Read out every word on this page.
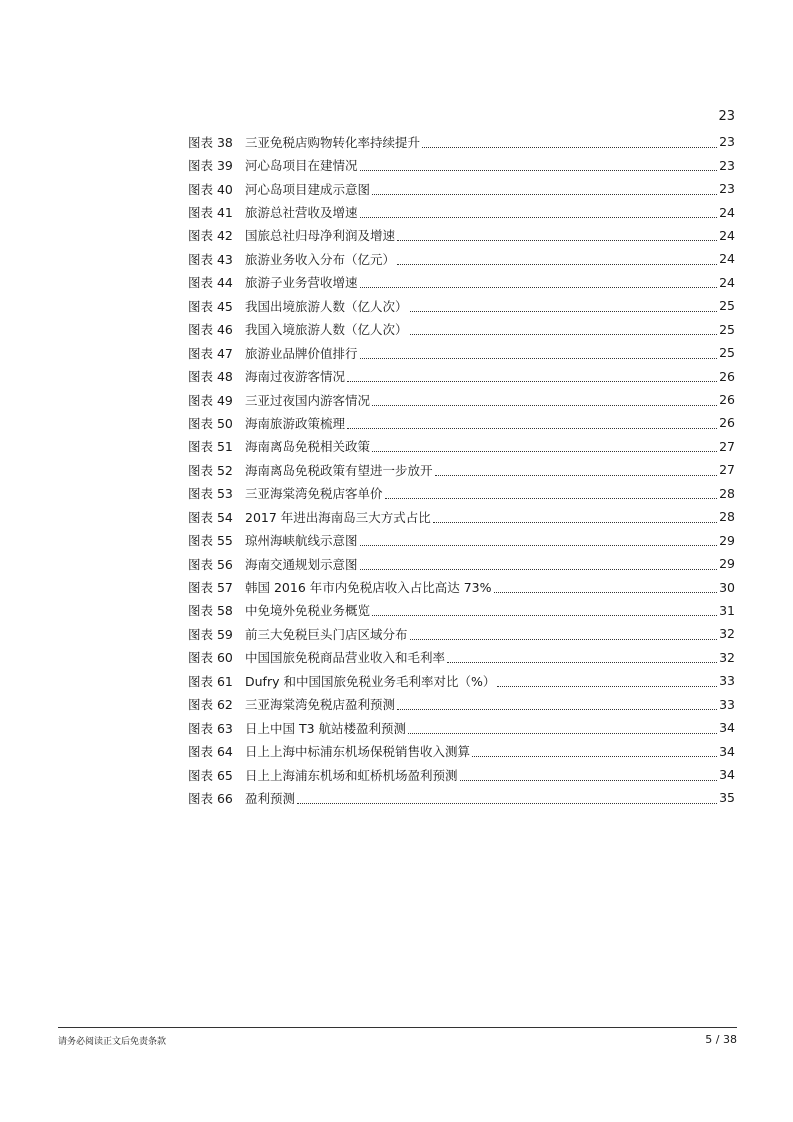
23
图表 38 三亚免税店购物转化率持续提升	23
图表 39 河心岛项目在建情况	23
图表 40 河心岛项目建成示意图	23
图表 41 旅游总社营收及增速	24
图表 42 国旅总社归母净利润及增速	24
图表 43 旅游业务收入分布（亿元）	24
图表 44 旅游子业务营收增速	24
图表 45 我国出境旅游人数（亿人次）	25
图表 46 我国入境旅游人数（亿人次）	25
图表 47 旅游业品牌价值排行	25
图表 48 海南过夜游客情况	26
图表 49 三亚过夜国内游客情况	26
图表 50 海南旅游政策梳理	26
图表 51 海南离岛免税相关政策	27
图表 52 海南离岛免税政策有望进一步放开	27
图表 53 三亚海棠湾免税店客单价	28
图表 54 2017 年进出海南岛三大方式占比	28
图表 55 琼州海峡航线示意图	29
图表 56 海南交通规划示意图	29
图表 57 韩国 2016 年市内免税店收入占比高达 73%	30
图表 58 中免境外免税业务概览	31
图表 59 前三大免税巨头门店区域分布	32
图表 60 中国国旅免税商品营业收入和毛利率	32
图表 61 Dufry 和中国国旅免税业务毛利率对比（%）	33
图表 62 三亚海棠湾免税店盈利预测	33
图表 63 日上中国 T3 航站楼盈利预测	34
图表 64 日上上海中标浦东机场保税销售收入测算	34
图表 65 日上上海浦东机场和虹桥机场盈利预测	34
图表 66 盈利预测	35
请务必阅读正文后免责条款	5 / 38
